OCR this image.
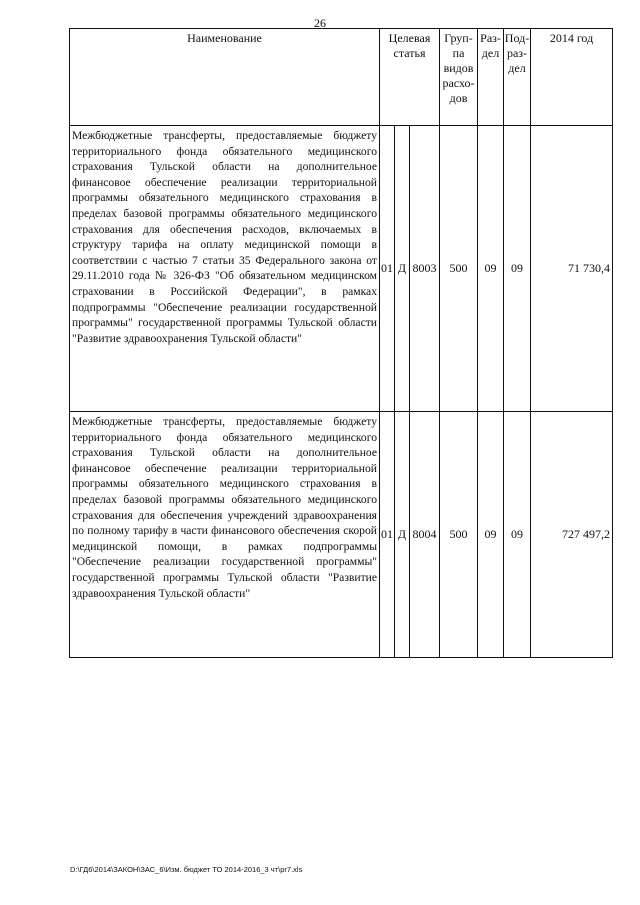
26
Наименование	Целевая статья			Груп-па видов расхо-дов	Раз-дел	Под-раз-дел	2014 год
Межбюджетные трансферты, предоставляемые бюджету территориального фонда обязательного медицинского страхования Тульской области на дополнительное финансовое обеспечение реализации территориальной программы обязательного медицинского страхования в пределах базовой программы обязательного медицинского страхования для обеспечения расходов, включаемых в структуру тарифа на оплату медицинской помощи в соответствии с частью 7 статьи 35 Федерального закона от 29.11.2010 года № 326-ФЗ "Об обязательном медицинском страховании в Российской Федерации", в рамках подпрограммы "Обеспечение реализации государственной программы" государственной программы Тульской области "Развитие здравоохранения Тульской области"	01	Д	8003	500	09	09	71 730,4
Межбюджетные трансферты, предоставляемые бюджету территориального фонда обязательного медицинского страхования Тульской области на дополнительное финансовое обеспечение реализации территориальной программы обязательного медицинского страхования в пределах базовой программы обязательного медицинского страхования для обеспечения учреждений здравоохранения по полному тарифу в части финансового обеспечения скорой медицинской помощи, в рамках подпрограммы "Обеспечение реализации государственной программы" государственной программы Тульской области "Развитие здравоохранения Тульской области"	01	Д	8004	500	09	09	727 497,2
D:\ГД6\2014\ЗАКОН\ЗАС_6\Изм. бюджет ТО 2014-2016_3 чт\pr7.xls
